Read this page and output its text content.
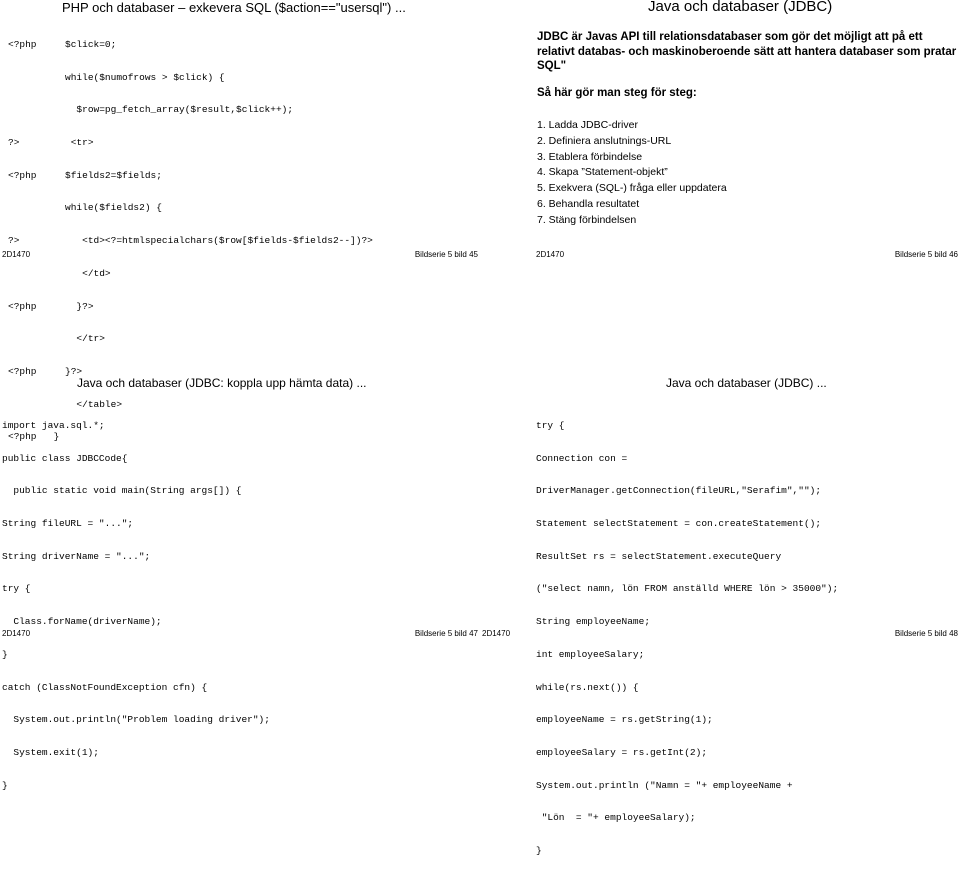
PHP och databaser – exkevera SQL ($action=="usersql") ...

<?php     $click=0;

while($numofrows > $click) {

$row=pg_fetch_array($result,$click++);

?>         <tr>

<?php     $fields2=$fields;

while($fields2) {

?>           <td><?=htmlspecialchars($row[$fields-$fields2--])?>

</td>

<?php       }?>

</tr>

<?php     }?>

</table>

<?php   }

2D1470	Bildserie 5 bild 45
Java och databaser (JDBC)
JDBC är Javas API till relationsdatabaser som gör det möjligt att på ett relativt databas- och maskinoberoende sätt att hantera databaser som pratar SQL"
Så här gör man steg för steg:
1. Ladda JDBC-driver
2. Definiera anslutnings-URL
3. Etablera förbindelse
4. Skapa ”Statement-objekt”
5. Exekvera (SQL-) fråga eller uppdatera
6. Behandla resultatet
7. Stäng förbindelsen
2D1470	Bildserie 5 bild 46
Java och databaser (JDBC: koppla upp hämta data) ...

import java.sql.*;

public class JDBCCode{

public static void main(String args[]) {

String fileURL = "...";

String driverName = "...";

try {

Class.forName(driverName);

}

catch (ClassNotFoundException cfn) {

System.out.println("Problem loading driver");

System.exit(1);

}

2D1470	Bildserie 5 bild 47
Java och databaser (JDBC) ...

try {

Connection con =

DriverManager.getConnection(fileURL,"Serafim","");

Statement selectStatement = con.createStatement();

ResultSet rs = selectStatement.executeQuery

("select namn, lön FROM anställd WHERE lön > 35000");

String employeeName;

int employeeSalary;

while(rs.next()) {

employeeName = rs.getString(1);

employeeSalary = rs.getInt(2);

System.out.println ("Namn = "+ employeeName +

"Lön  = "+ employeeSalary);

}

2D1470	Bildserie 5 bild 48
